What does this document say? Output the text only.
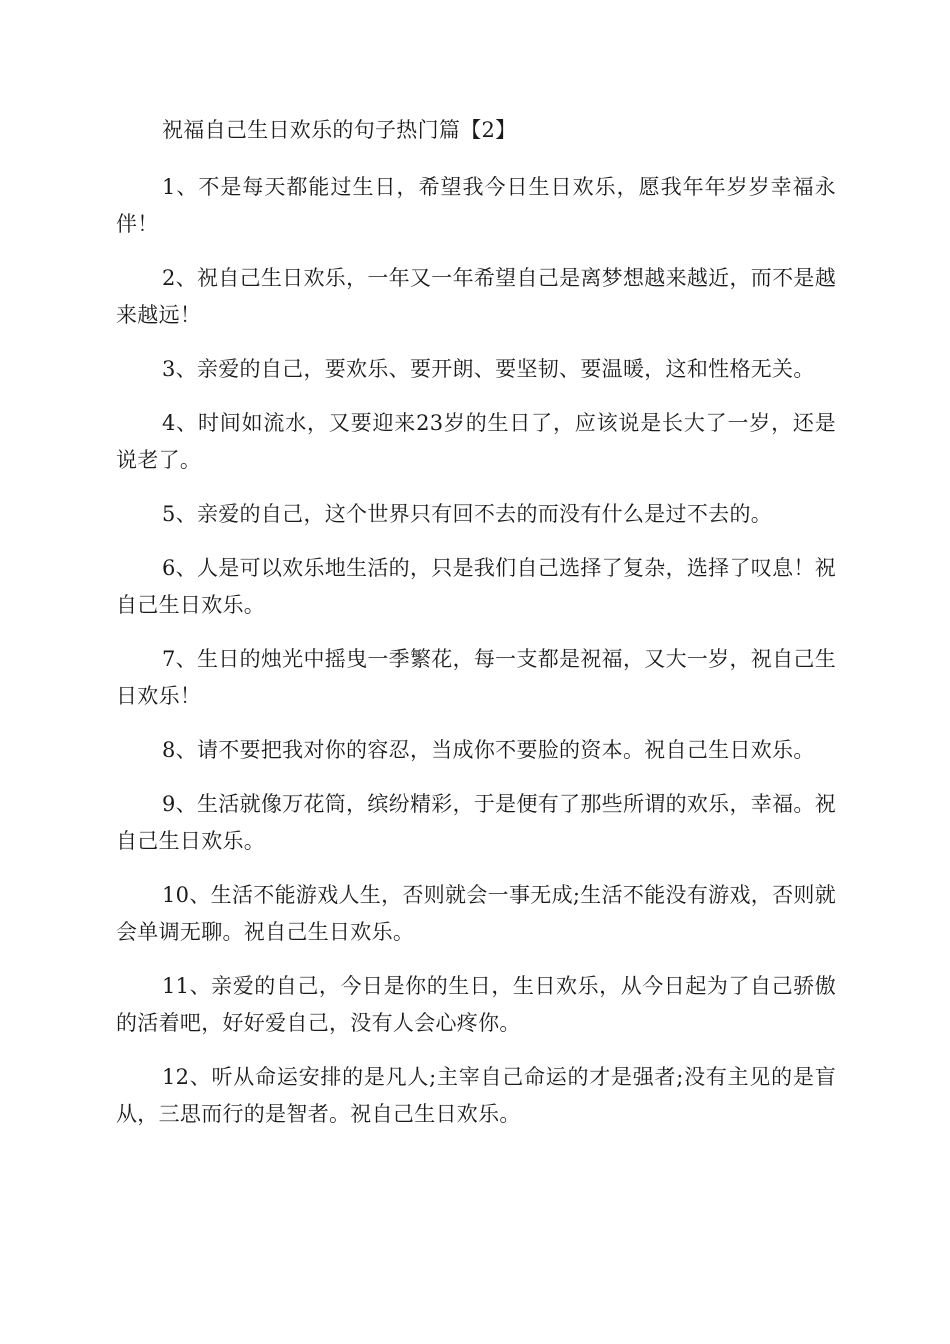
祝福自己生日欢乐的句子热门篇【2】

1、不是每天都能过生日，希望我今日生日欢乐，愿我年年岁岁幸福永伴！

2、祝自己生日欢乐，一年又一年希望自己是离梦想越来越近，而不是越来越远！

3、亲爱的自己，要欢乐、要开朗、要坚韧、要温暖，这和性格无关。

4、时间如流水，又要迎来23岁的生日了，应该说是长大了一岁，还是说老了。

5、亲爱的自己，这个世界只有回不去的而没有什么是过不去的。

6、人是可以欢乐地生活的，只是我们自己选择了复杂，选择了叹息！祝自己生日欢乐。

7、生日的烛光中摇曳一季繁花，每一支都是祝福，又大一岁，祝自己生日欢乐！

8、请不要把我对你的容忍，当成你不要脸的资本。祝自己生日欢乐。

9、生活就像万花筒，缤纷精彩，于是便有了那些所谓的欢乐，幸福。祝自己生日欢乐。

10、生活不能游戏人生，否则就会一事无成;生活不能没有游戏，否则就会单调无聊。祝自己生日欢乐。

11、亲爱的自己，今日是你的生日，生日欢乐，从今日起为了自己骄傲的活着吧，好好爱自己，没有人会心疼你。

12、听从命运安排的是凡人;主宰自己命运的才是强者;没有主见的是盲从，三思而行的是智者。祝自己生日欢乐。
